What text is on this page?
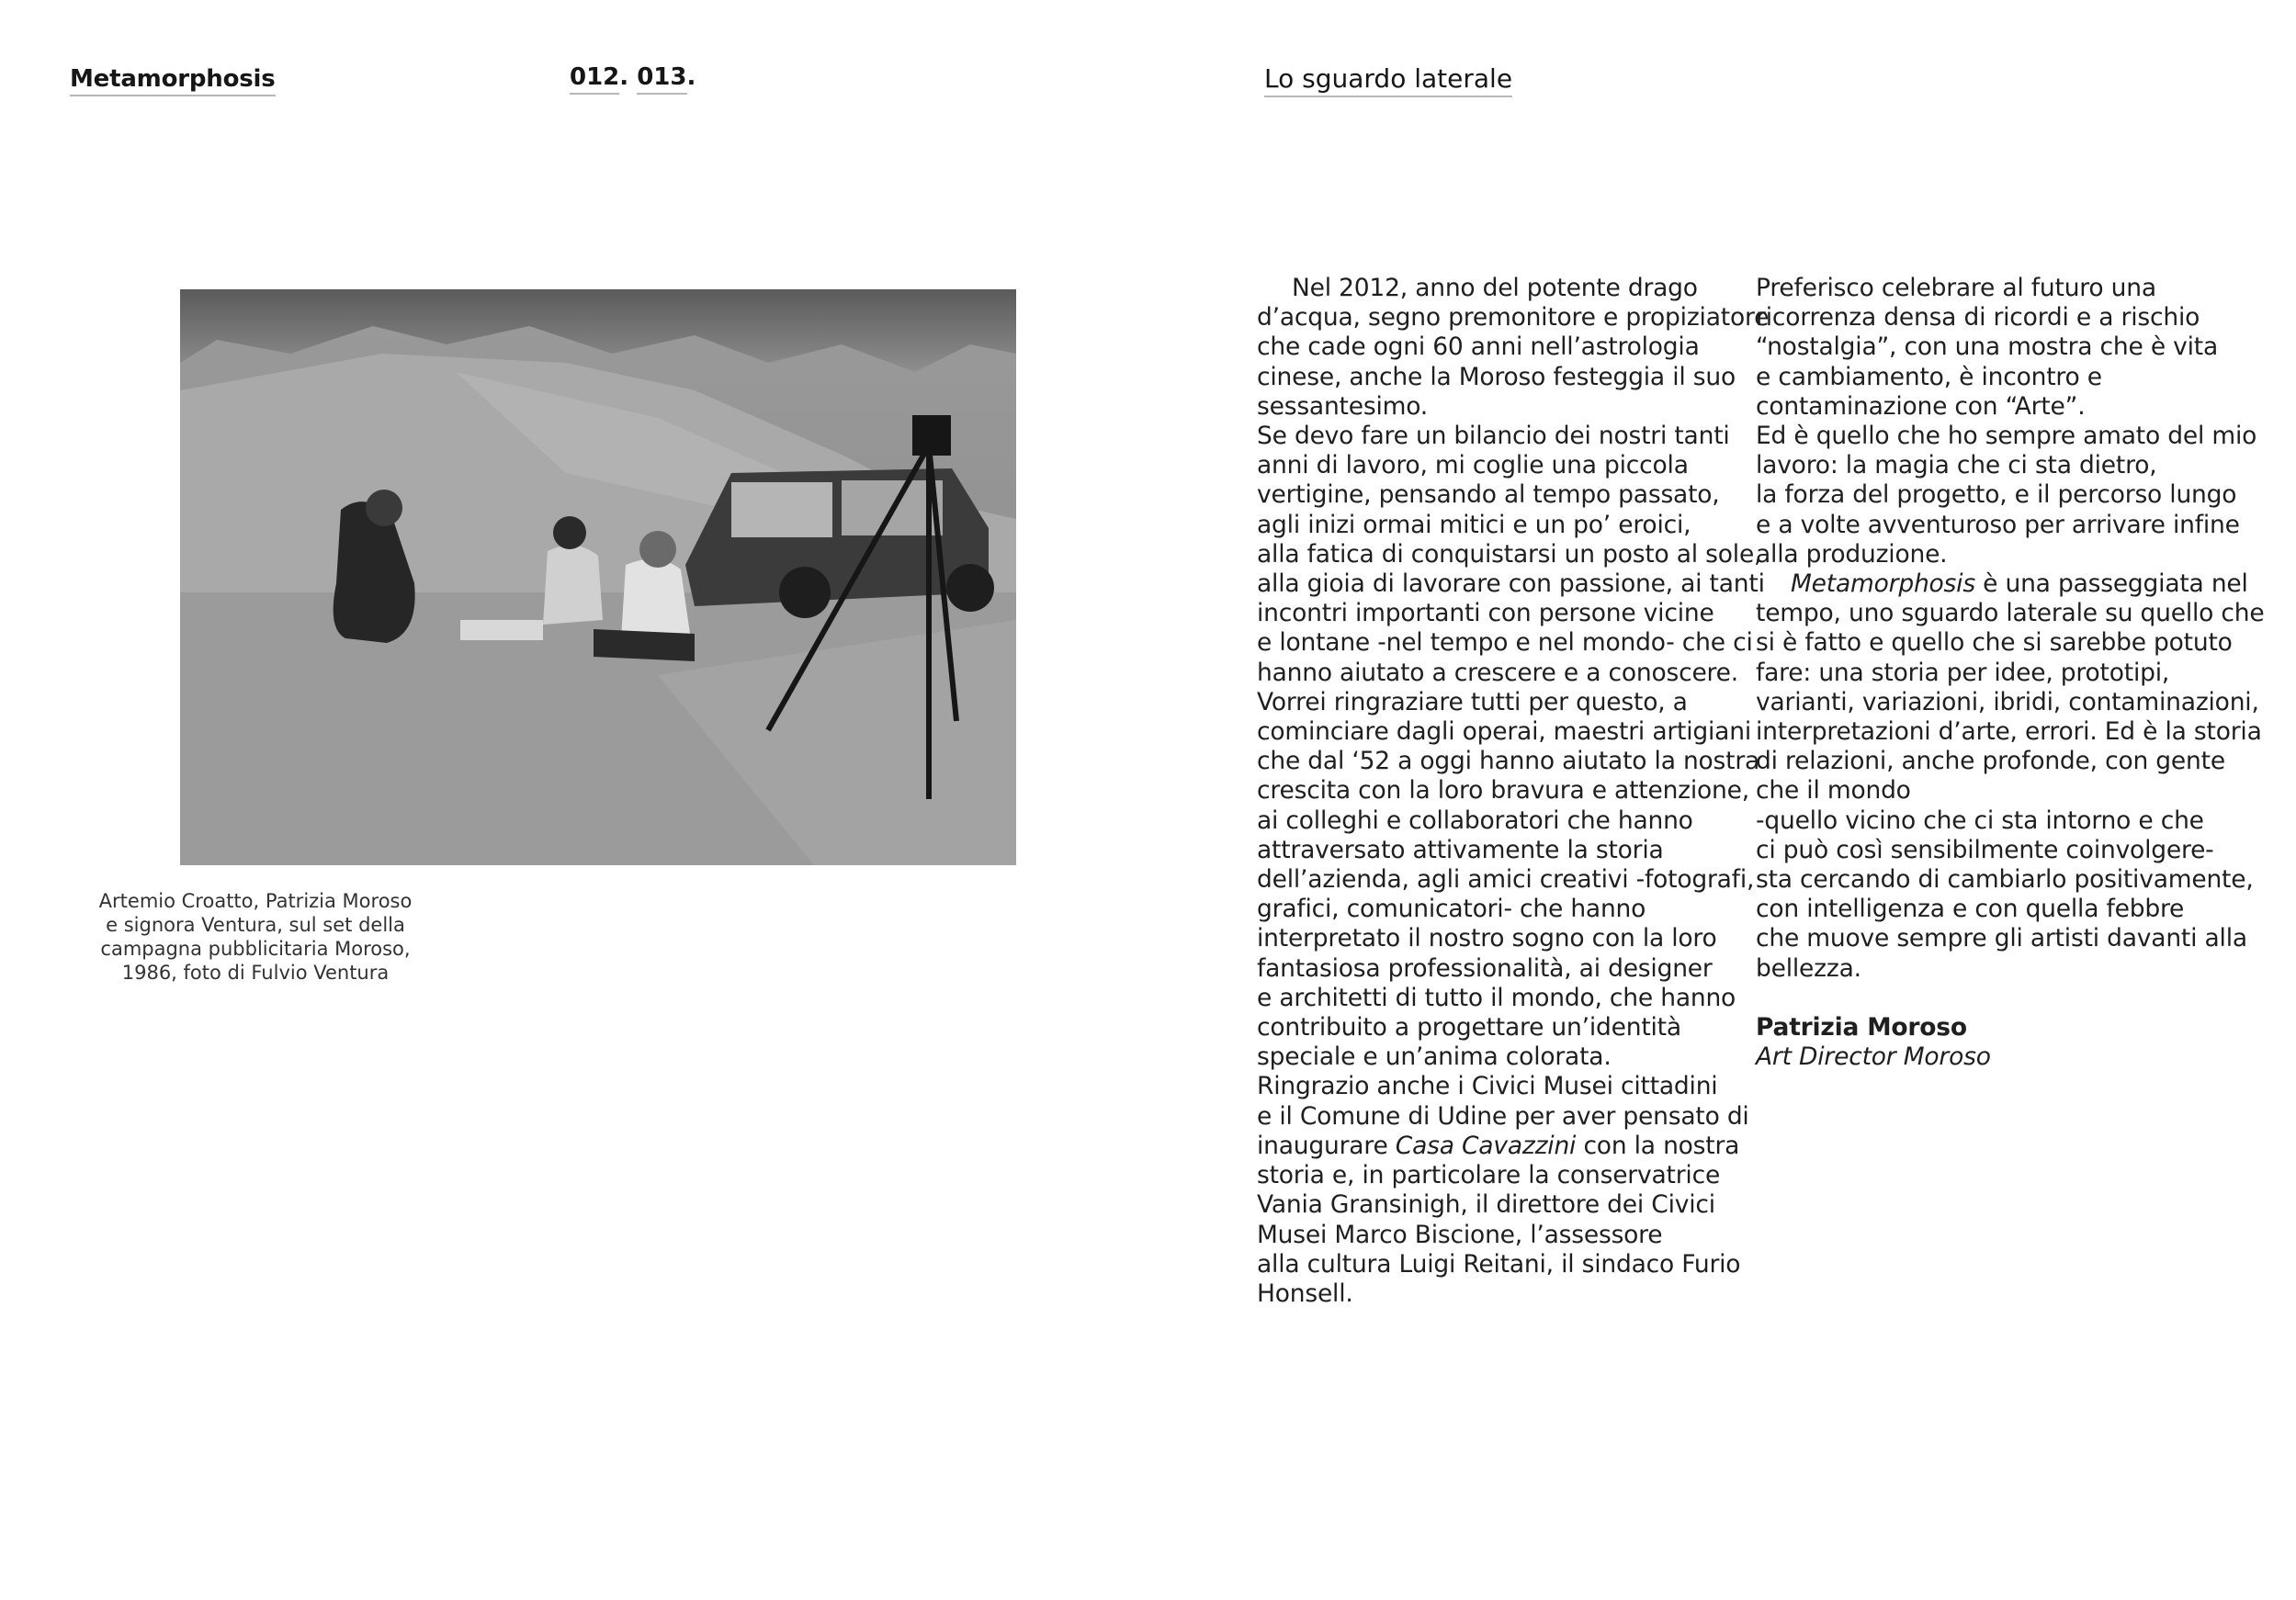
Metamorphosis	012. 013.	Lo sguardo laterale
Artemio Croatto, Patrizia Moroso
e signora Ventura, sul set della
campagna pubblicitaria Moroso,
1986, foto di Fulvio Ventura
Nel 2012, anno del potente drago
d’acqua, segno premonitore e propiziatore
che cade ogni 60 anni nell’astrologia
cinese, anche la Moroso festeggia il suo
sessantesimo.
Se devo fare un bilancio dei nostri tanti
anni di lavoro, mi coglie una piccola
vertigine, pensando al tempo passato,
agli inizi ormai mitici e un po’ eroici,
alla fatica di conquistarsi un posto al sole,
alla gioia di lavorare con passione, ai tanti
incontri importanti con persone vicine
e lontane -nel tempo e nel mondo- che ci
hanno aiutato a crescere e a conoscere.
Vorrei ringraziare tutti per questo, a
cominciare dagli operai, maestri artigiani
che dal ‘52 a oggi hanno aiutato la nostra
crescita con la loro bravura e attenzione,
ai colleghi e collaboratori che hanno
attraversato attivamente la storia
dell’azienda, agli amici creativi -fotografi,
grafici, comunicatori- che hanno
interpretato il nostro sogno con la loro
fantasiosa professionalità, ai designer
e architetti di tutto il mondo, che hanno
contribuito a progettare un’identità
speciale e un’anima colorata.
Ringrazio anche i Civici Musei cittadini
e il Comune di Udine per aver pensato di
inaugurare Casa Cavazzini con la nostra
storia e, in particolare la conservatrice
Vania Gransinigh, il direttore dei Civici
Musei Marco Biscione, l’assessore
alla cultura Luigi Reitani, il sindaco Furio
Honsell.
Preferisco celebrare al futuro una
ricorrenza densa di ricordi e a rischio
“nostalgia”, con una mostra che è vita
e cambiamento, è incontro e
contaminazione con “Arte”.
Ed è quello che ho sempre amato del mio
lavoro: la magia che ci sta dietro,
la forza del progetto, e il percorso lungo
e a volte avventuroso per arrivare infine
alla produzione.
Metamorphosis è una passeggiata nel
tempo, uno sguardo laterale su quello che
si è fatto e quello che si sarebbe potuto
fare: una storia per idee, prototipi,
varianti, variazioni, ibridi, contaminazioni,
interpretazioni d’arte, errori. Ed è la storia
di relazioni, anche profonde, con gente
che il mondo
-quello vicino che ci sta intorno e che
ci può così sensibilmente coinvolgere-
sta cercando di cambiarlo positivamente,
con intelligenza e con quella febbre
che muove sempre gli artisti davanti alla
bellezza.
Patrizia Moroso
Art Director Moroso
